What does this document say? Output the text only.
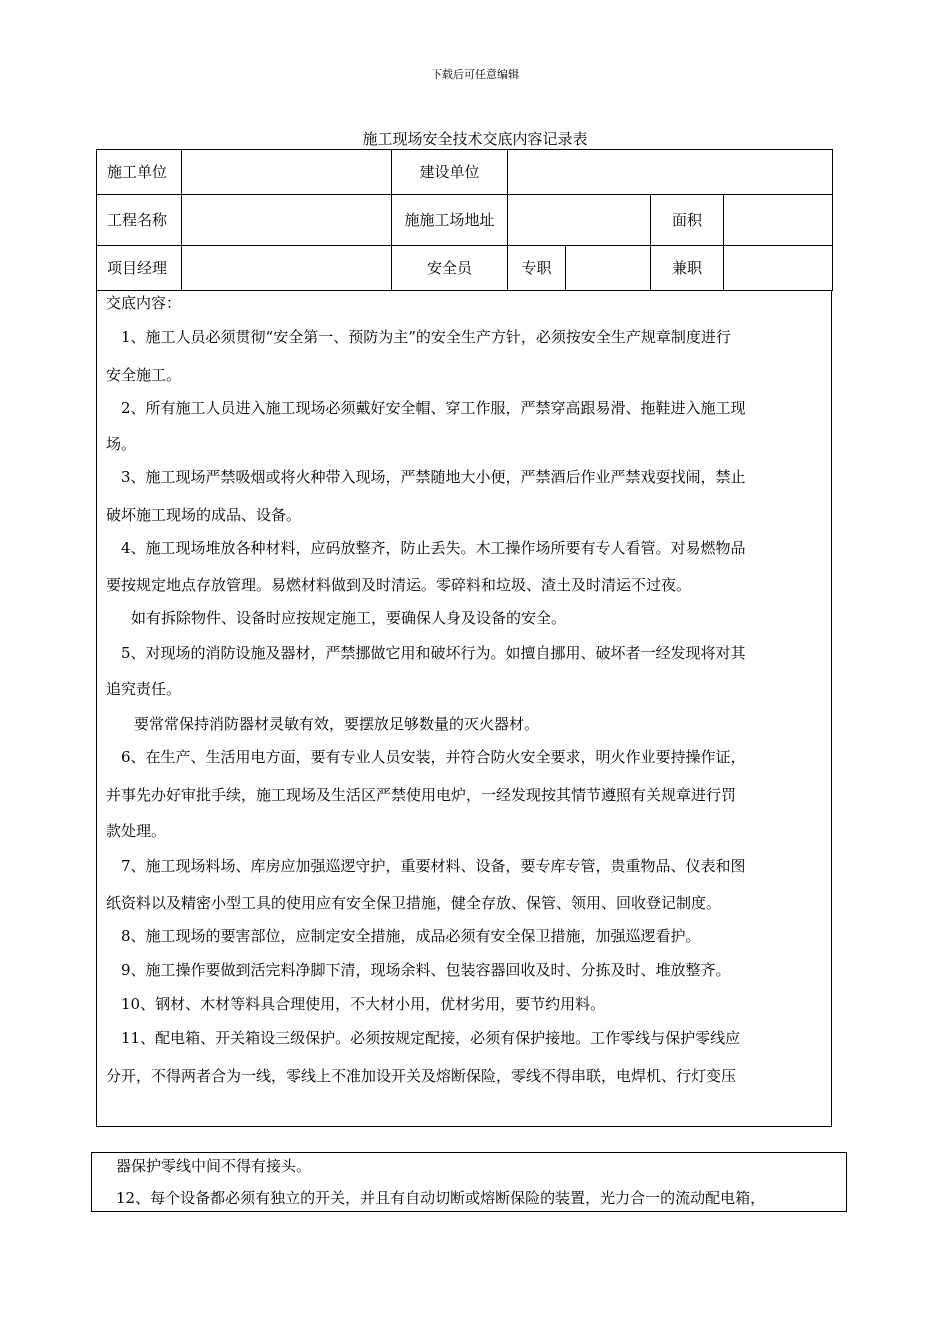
下载后可任意编辑
施工现场安全技术交底内容记录表
施工单位		建设单位				
工程名称		施施工场地址			面积	
项目经理		安全员	专职		兼职	
交底内容：
1、施工人员必须贯彻“安全第一、预防为主”的安全生产方针，必须按安全生产规章制度进行
安全施工。
2、所有施工人员进入施工现场必须戴好安全帽、穿工作服，严禁穿高跟易滑、拖鞋进入施工现
场。
3、施工现场严禁吸烟或将火种带入现场，严禁随地大小便，严禁酒后作业严禁戏耍找闹，禁止
破坏施工现场的成品、设备。
4、施工现场堆放各种材料，应码放整齐，防止丢失。木工操作场所要有专人看管。对易燃物品
要按规定地点存放管理。易燃材料做到及时清运。零碎料和垃圾、渣土及时清运不过夜。
如有拆除物件、设备时应按规定施工，要确保人身及设备的安全。
5、对现场的消防设施及器材，严禁挪做它用和破坏行为。如擅自挪用、破坏者一经发现将对其
追究责任。
要常常保持消防器材灵敏有效，要摆放足够数量的灭火器材。
6、在生产、生活用电方面，要有专业人员安装，并符合防火安全要求，明火作业要持操作证，
并事先办好审批手续，施工现场及生活区严禁使用电炉，一经发现按其情节遵照有关规章进行罚
款处理。
7、施工现场料场、库房应加强巡逻守护，重要材料、设备，要专库专管，贵重物品、仪表和图
纸资料以及精密小型工具的使用应有安全保卫措施，健全存放、保管、领用、回收登记制度。
8、施工现场的要害部位，应制定安全措施，成品必须有安全保卫措施，加强巡逻看护。
9、施工操作要做到活完料净脚下清，现场余料、包装容器回收及时、分拣及时、堆放整齐。
10、钢材、木材等料具合理使用，不大材小用，优材劣用，要节约用料。
11、配电箱、开关箱设三级保护。必须按规定配接，必须有保护接地。工作零线与保护零线应
分开，不得两者合为一线，零线上不准加设开关及熔断保险，零线不得串联，电焊机、行灯变压
器保护零线中间不得有接头。
12、每个设备都必须有独立的开关，并且有自动切断或熔断保险的装置，光力合一的流动配电箱，
